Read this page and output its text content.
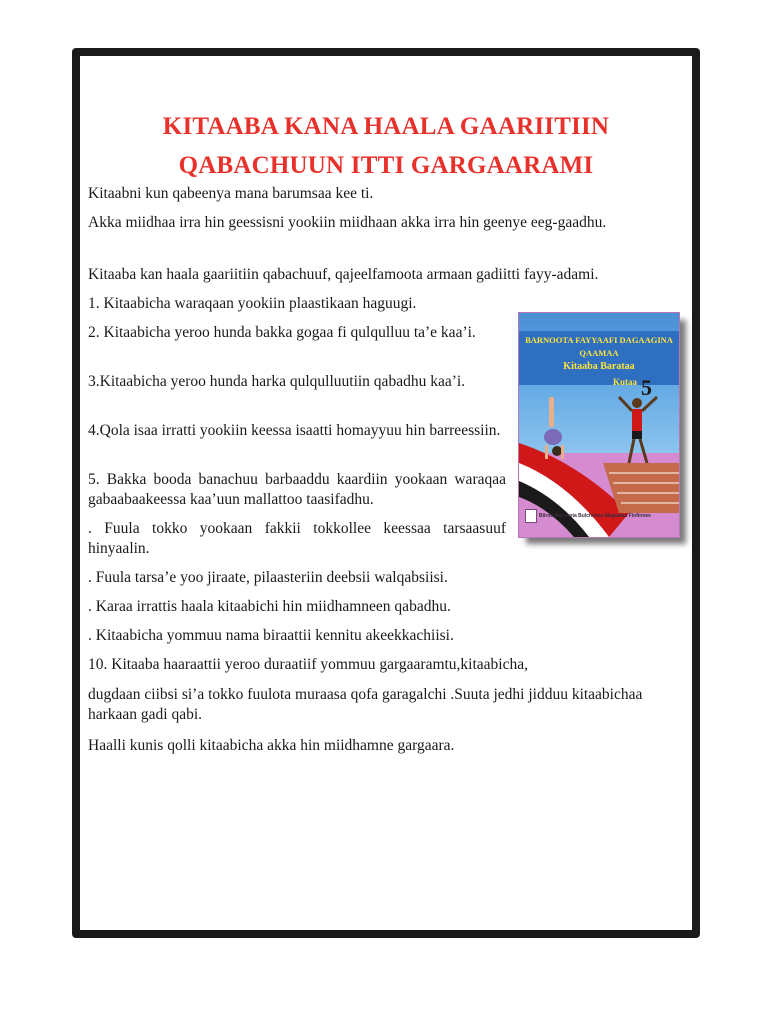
KITAABA KANA HAALA GAARIITIIN
QABACHUUN ITTI GARGAARAMI

Kitaabni kun qabeenya mana barumsaa kee ti.

Akka miidhaa irra hin geessisni yookiin miidhaan akka irra hin geenye eeg-gaadhu.

Kitaaba kan haala gaariitiin qabachuuf, qajeelfamoota armaan gadiitti fayy-adami.

1. Kitaabicha waraqaan yookiin plaastikaan haguugi.

2. Kitaabicha yeroo hunda bakka gogaa fi qulqulluu ta’e kaa’i.

3.Kitaabicha yeroo hunda harka qulqulluutiin qabadhu kaa’i.

4.Qola isaa irratti yookiin keessa isaatti homayyuu hin barreessiin.

5. Bakka booda banachuu barbaaddu kaardiin yookaan waraqaa gabaabaakeessa kaa’uun mallattoo taasifadhu.

. Fuula tokko yookaan fakkii tokkollee keessaa tarsaasuuf hinyaalin.

. Fuula tarsa’e yoo jiraate, pilaasteriin deebsii walqabsiisi.

. Karaa irrattis haala kitaabichi hin miidhamneen qabadhu.

. Kitaabicha yommuu nama biraattii kennitu akeekkachiisi.

10. Kitaaba haaraattii yeroo duraatiif yommuu gargaaramtu,kitaabicha,

dugdaan ciibsi si’a tokko fuulota muraasa qofa garagalchi .Suuta jedhi jidduu kitaabichaa harkaan gadi qabi.

Haalli kunis qolli kitaabicha akka hin miidhamne gargaara.

BARNOOTA FAYYAAFI DAGAAGINA

QAAMAA

Kitaaba Barataa

Kutaa 5

Biiroo Barnoota Bulchiinsa Magaalaa Finfinnee
